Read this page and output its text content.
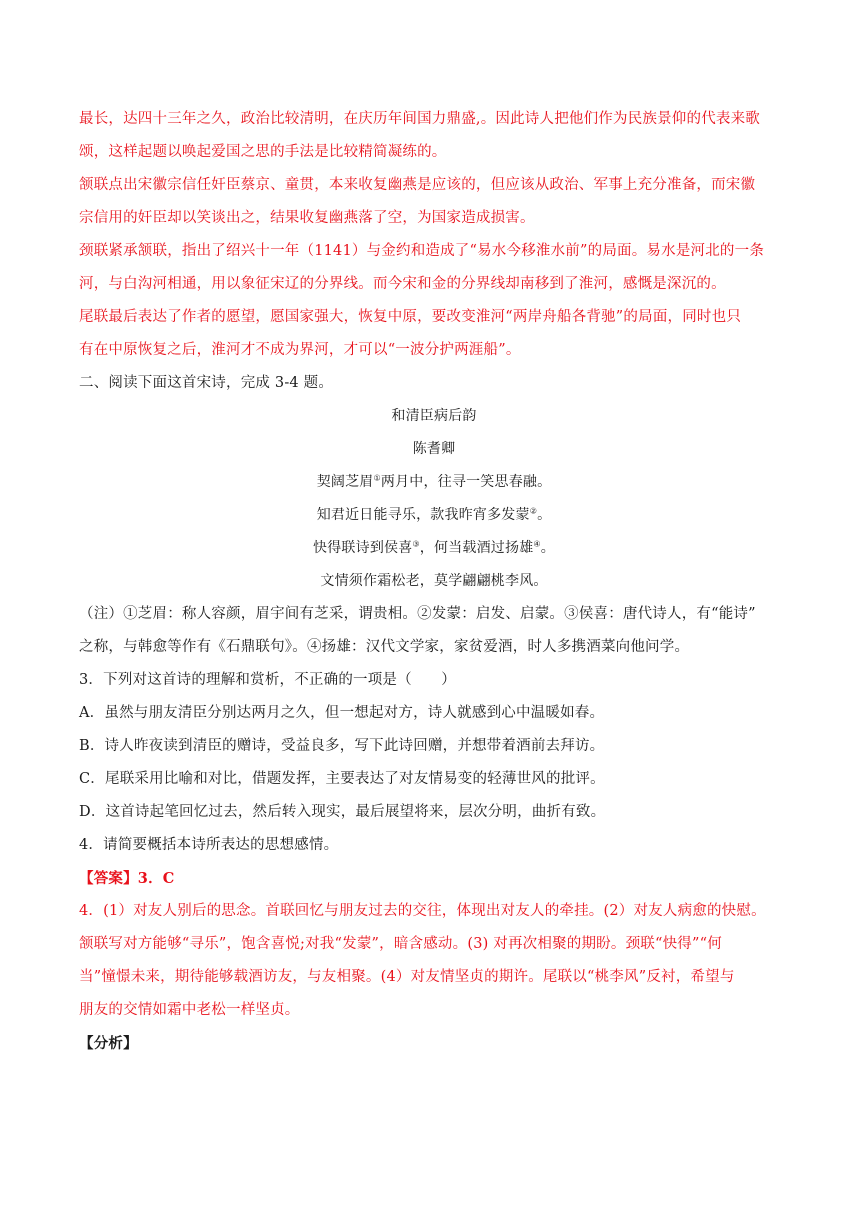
最长，达四十三年之久，政治比较清明，在庆历年间国力鼎盛,。因此诗人把他们作为民族景仰的代表来歌

颂，这样起题以唤起爱国之思的手法是比较精简凝练的。

颔联点出宋徽宗信任奸臣蔡京、童贯，本来收复幽燕是应该的，但应该从政治、军事上充分准备，而宋徽

宗信用的奸臣却以笑谈出之，结果收复幽燕落了空，为国家造成损害。

颈联紧承颔联，指出了绍兴十一年（1141）与金约和造成了“易水今移淮水前”的局面。易水是河北的一条

河，与白沟河相通，用以象征宋辽的分界线。而今宋和金的分界线却南移到了淮河，感慨是深沉的。

尾联最后表达了作者的愿望，愿国家强大，恢复中原，要改变淮河“两岸舟船各背驰”的局面，同时也只

有在中原恢复之后，淮河才不成为界河，才可以“一波分护两涯船”。

二、阅读下面这首宋诗，完成 3-4 题。

和清臣病后韵

陈耆卿

契阔芝眉①两月中，往寻一笑思春融。

知君近日能寻乐，款我昨宵多发蒙②。

快得联诗到侯喜③，何当载酒过扬雄④。

文情须作霜松老，莫学翩翩桃李风。

（注）①芝眉：称人容颜，眉宇间有芝采，谓贵相。②发蒙：启发、启蒙。③侯喜：唐代诗人，有“能诗”

之称，与韩愈等作有《石鼎联句》。④扬雄：汉代文学家，家贫爱酒，时人多携酒菜向他问学。

3．下列对这首诗的理解和赏析，不正确的一项是（　　）

A．虽然与朋友清臣分别达两月之久，但一想起对方，诗人就感到心中温暖如春。

B．诗人昨夜读到清臣的赠诗，受益良多，写下此诗回赠，并想带着酒前去拜访。

C．尾联采用比喻和对比，借题发挥，主要表达了对友情易变的轻薄世风的批评。

D．这首诗起笔回忆过去，然后转入现实，最后展望将来，层次分明，曲折有致。

4．请简要概括本诗所表达的思想感情。

【答案】3．C

4．(1）对友人别后的思念。首联回忆与朋友过去的交往，体现出对友人的牵挂。(2）对友人病愈的快慰。

颔联写对方能够“寻乐”，饱含喜悦;对我“发蒙”，暗含感动。(3) 对再次相聚的期盼。颈联“快得”“何

当”憧憬未来，期待能够载酒访友，与友相聚。(4）对友情坚贞的期许。尾联以“桃李风”反衬，希望与

朋友的交情如霜中老松一样坚贞。

【分析】
